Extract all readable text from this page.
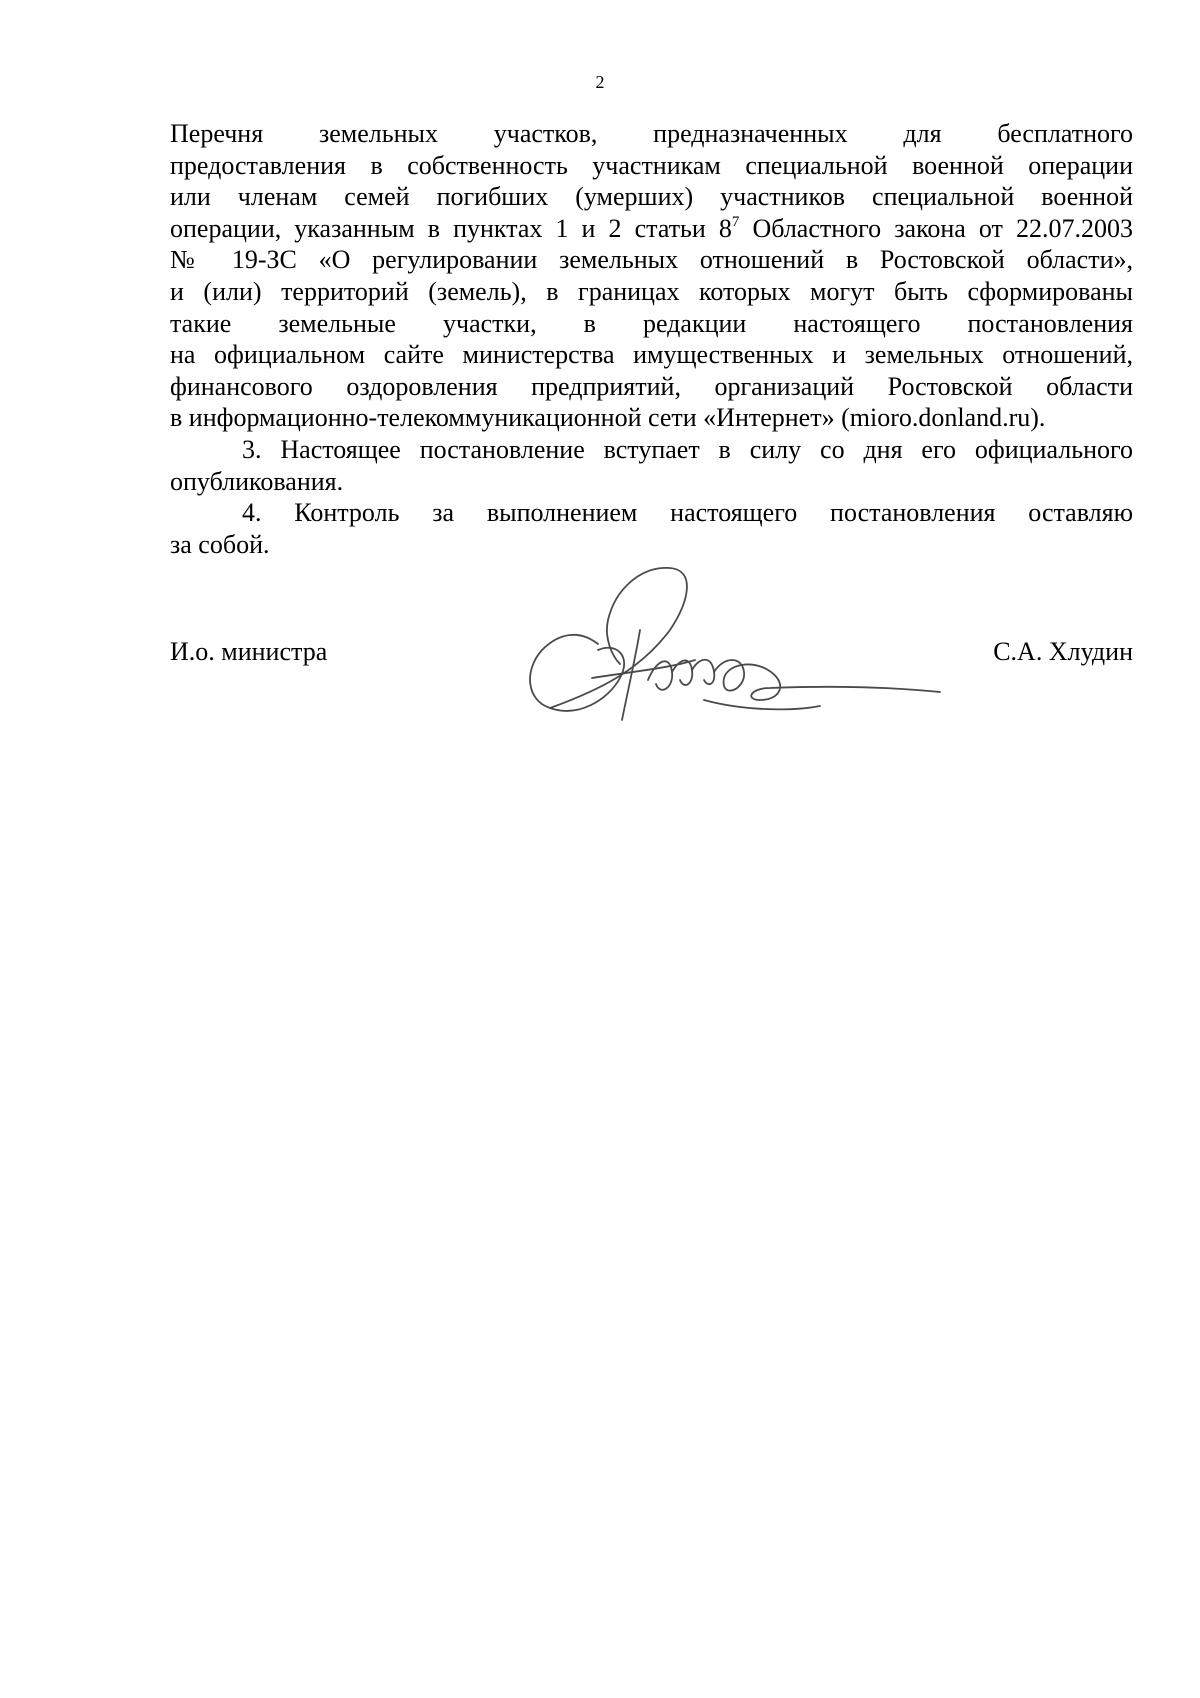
2
Перечня земельных участков, предназначенных для бесплатного
предоставления в собственность участникам специальной военной операции
или членам семей погибших (умерших) участников специальной военной
операции, указанным в пунктах 1 и 2 статьи $8^7$ Областного закона от 22.07.2003
№ 19-ЗС «О регулировании земельных отношений в Ростовской области»,
и (или) территорий (земель), в границах которых могут быть сформированы
такие земельные участки, в редакции настоящего постановления
на официальном сайте министерства имущественных и земельных отношений,
финансового оздоровления предприятий, организаций Ростовской области
в информационно-телекоммуникационной сети «Интернет» (mioro.donland.ru).
3. Настоящее постановление вступает в силу со дня его официального
опубликования.
4. Контроль за выполнением настоящего постановления оставляю
за собой.
И.о. министра	С.А. Хлудин
